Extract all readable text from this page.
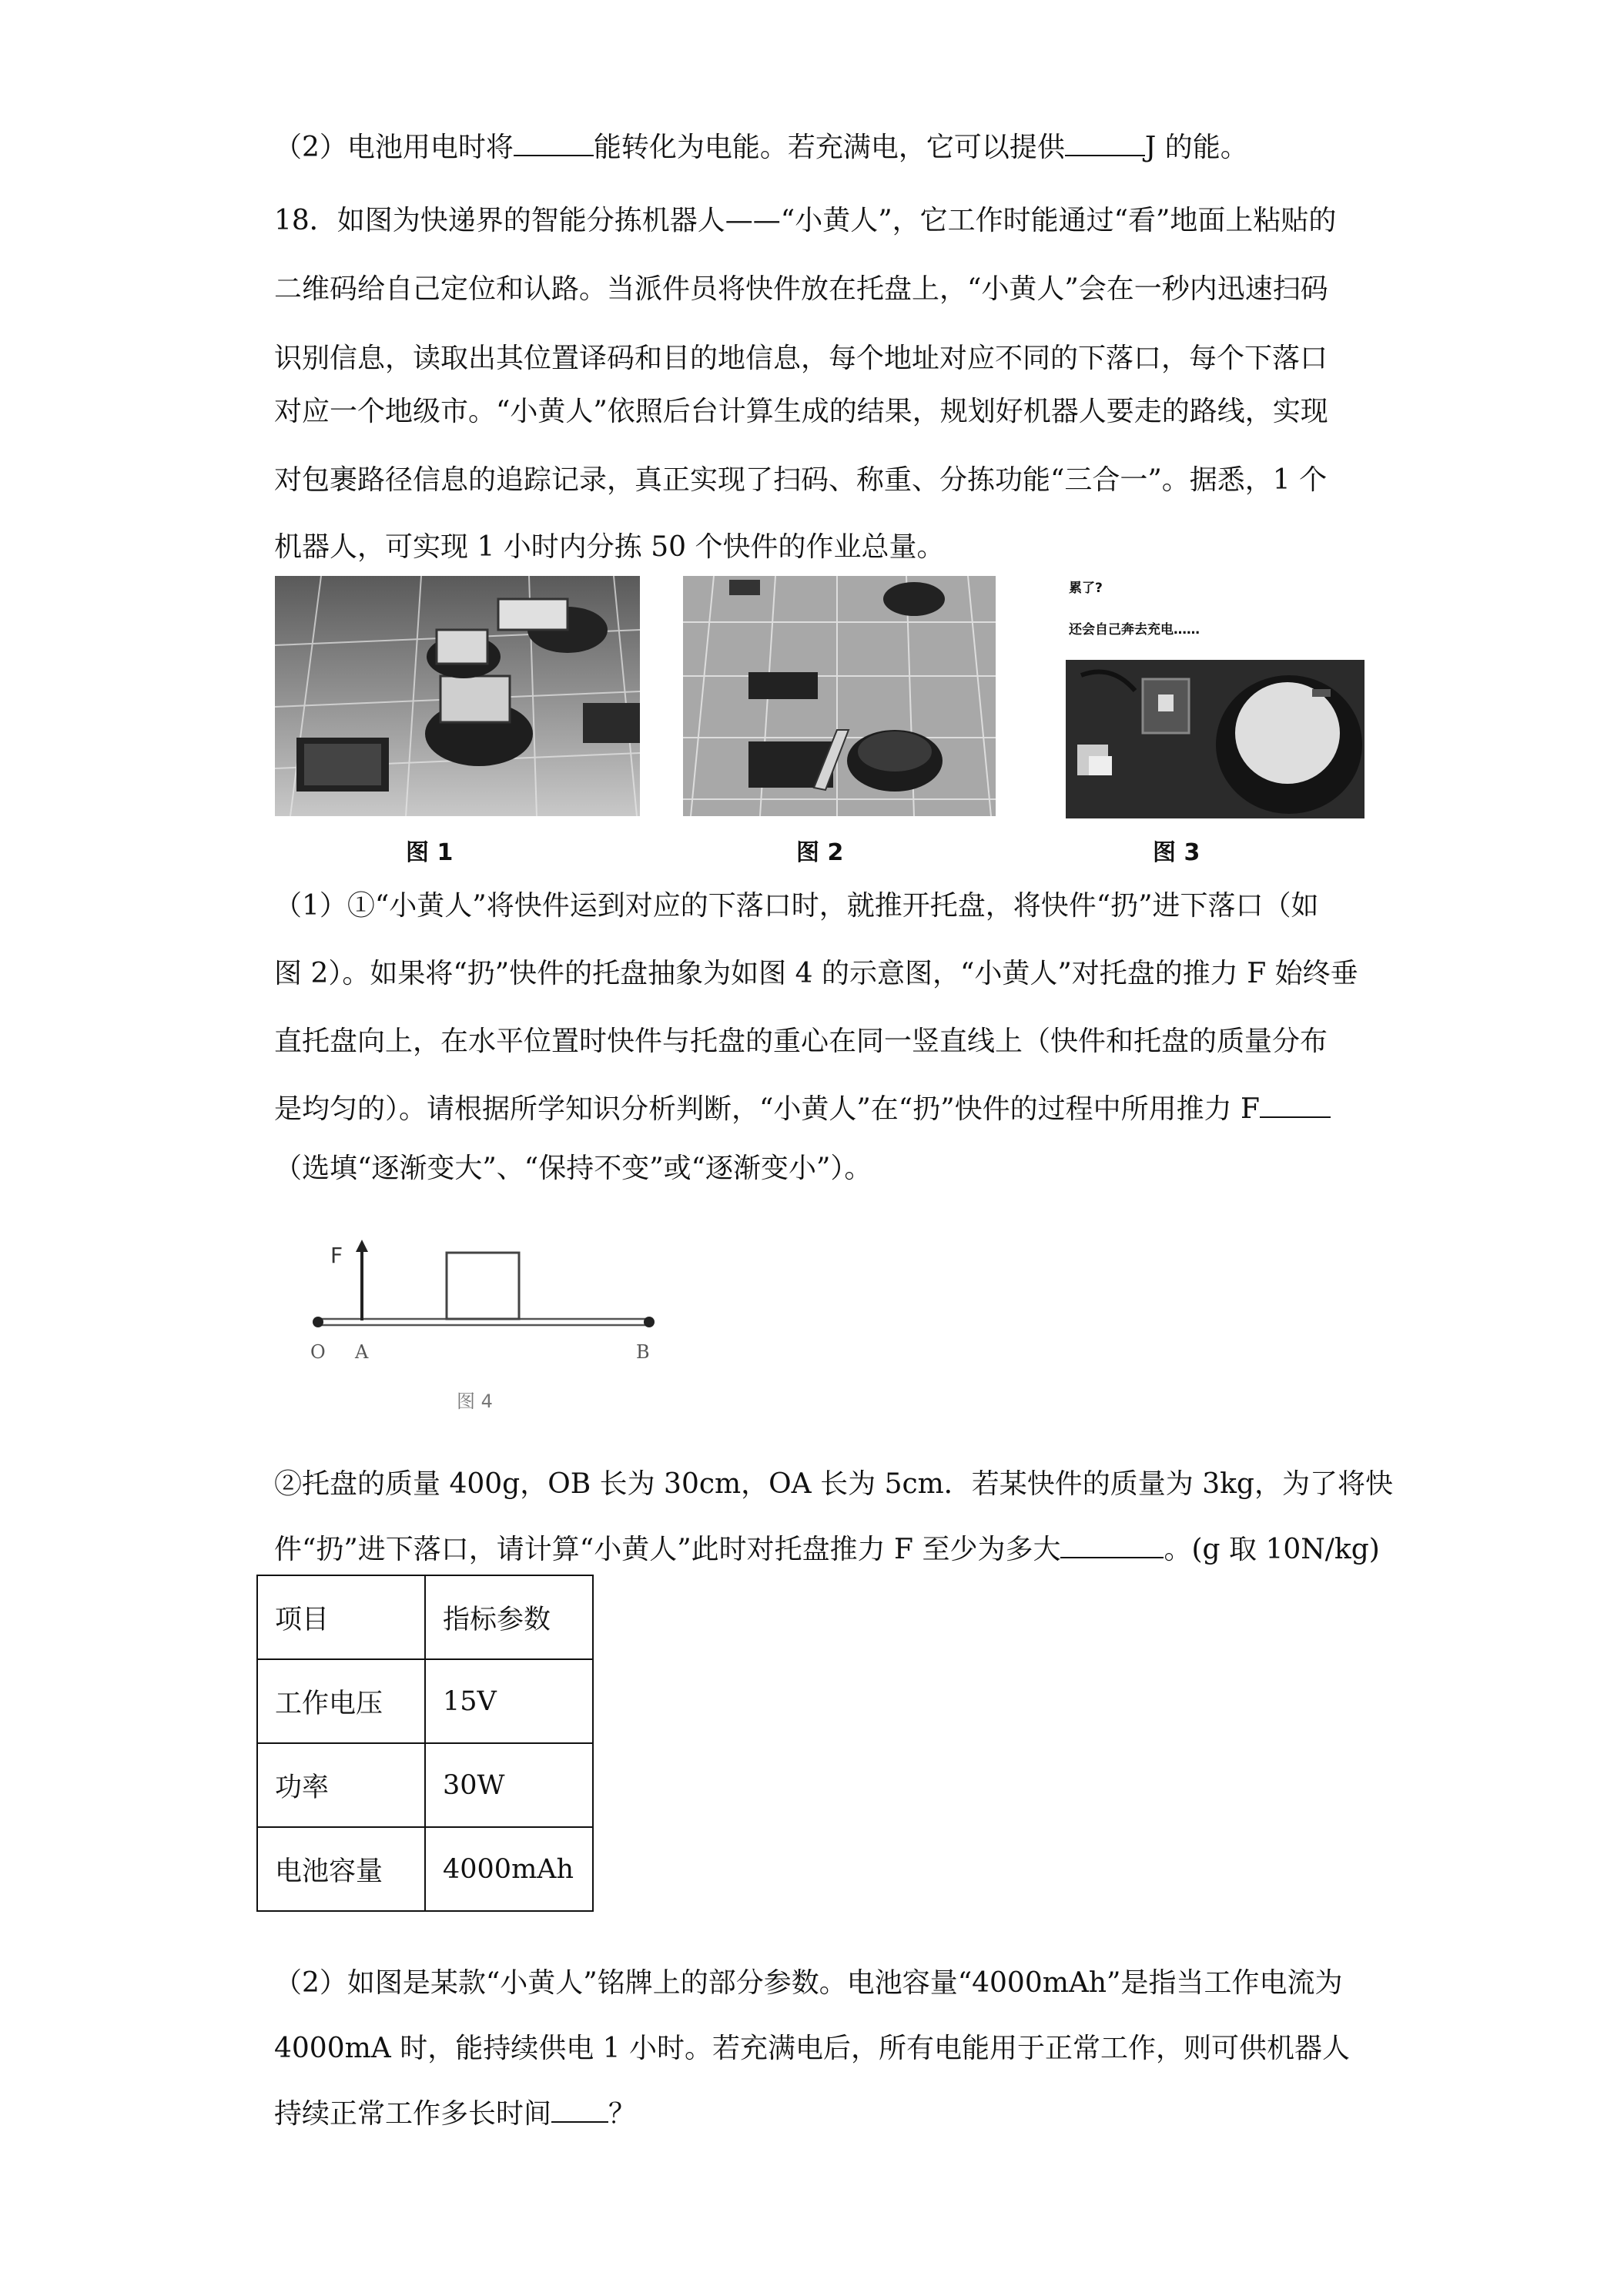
（2）电池用电时将	能转化为电能。若充满电，它可以提供	J 的能。
18．如图为快递界的智能分拣机器人——“小黄人”，它工作时能通过“看”地面上粘贴的
二维码给自己定位和认路。当派件员将快件放在托盘上，“小黄人”会在一秒内迅速扫码
识别信息，读取出其位置译码和目的地信息，每个地址对应不同的下落口，每个下落口
对应一个地级市。“小黄人”依照后台计算生成的结果，规划好机器人要走的路线，实现
对包裹路径信息的追踪记录，真正实现了扫码、称重、分拣功能“三合一”。据悉，1 个
机器人，可实现 1 小时内分拣 50 个快件的作业总量。
累了?
还会自己奔去充电……
图 1	图 2	图 3
（1）①“小黄人”将快件运到对应的下落口时，就推开托盘，将快件“扔”进下落口（如
图 2）。如果将“扔”快件的托盘抽象为如图 4 的示意图，“小黄人”对托盘的推力 F 始终垂
直托盘向上，在水平位置时快件与托盘的重心在同一竖直线上（快件和托盘的质量分布
是均匀的）。请根据所学知识分析判断，“小黄人”在“扔”快件的过程中所用推力 F
（选填“逐渐变大”、“保持不变”或“逐渐变小”）。
F
O A	B
图 4
②托盘的质量 400g，OB 长为 30cm，OA 长为 5cm．若某快件的质量为 3kg，为了将快
件“扔”进下落口，请计算“小黄人”此时对托盘推力 F 至少为多大	。(g 取 10N/kg)
项目	指标参数
工作电压	15V
功率	30W
电池容量	4000mAh
（2）如图是某款“小黄人”铭牌上的部分参数。电池容量“4000mAh”是指当工作电流为
4000mA 时，能持续供电 1 小时。若充满电后，所有电能用于正常工作，则可供机器人
持续正常工作多长时间 ？
